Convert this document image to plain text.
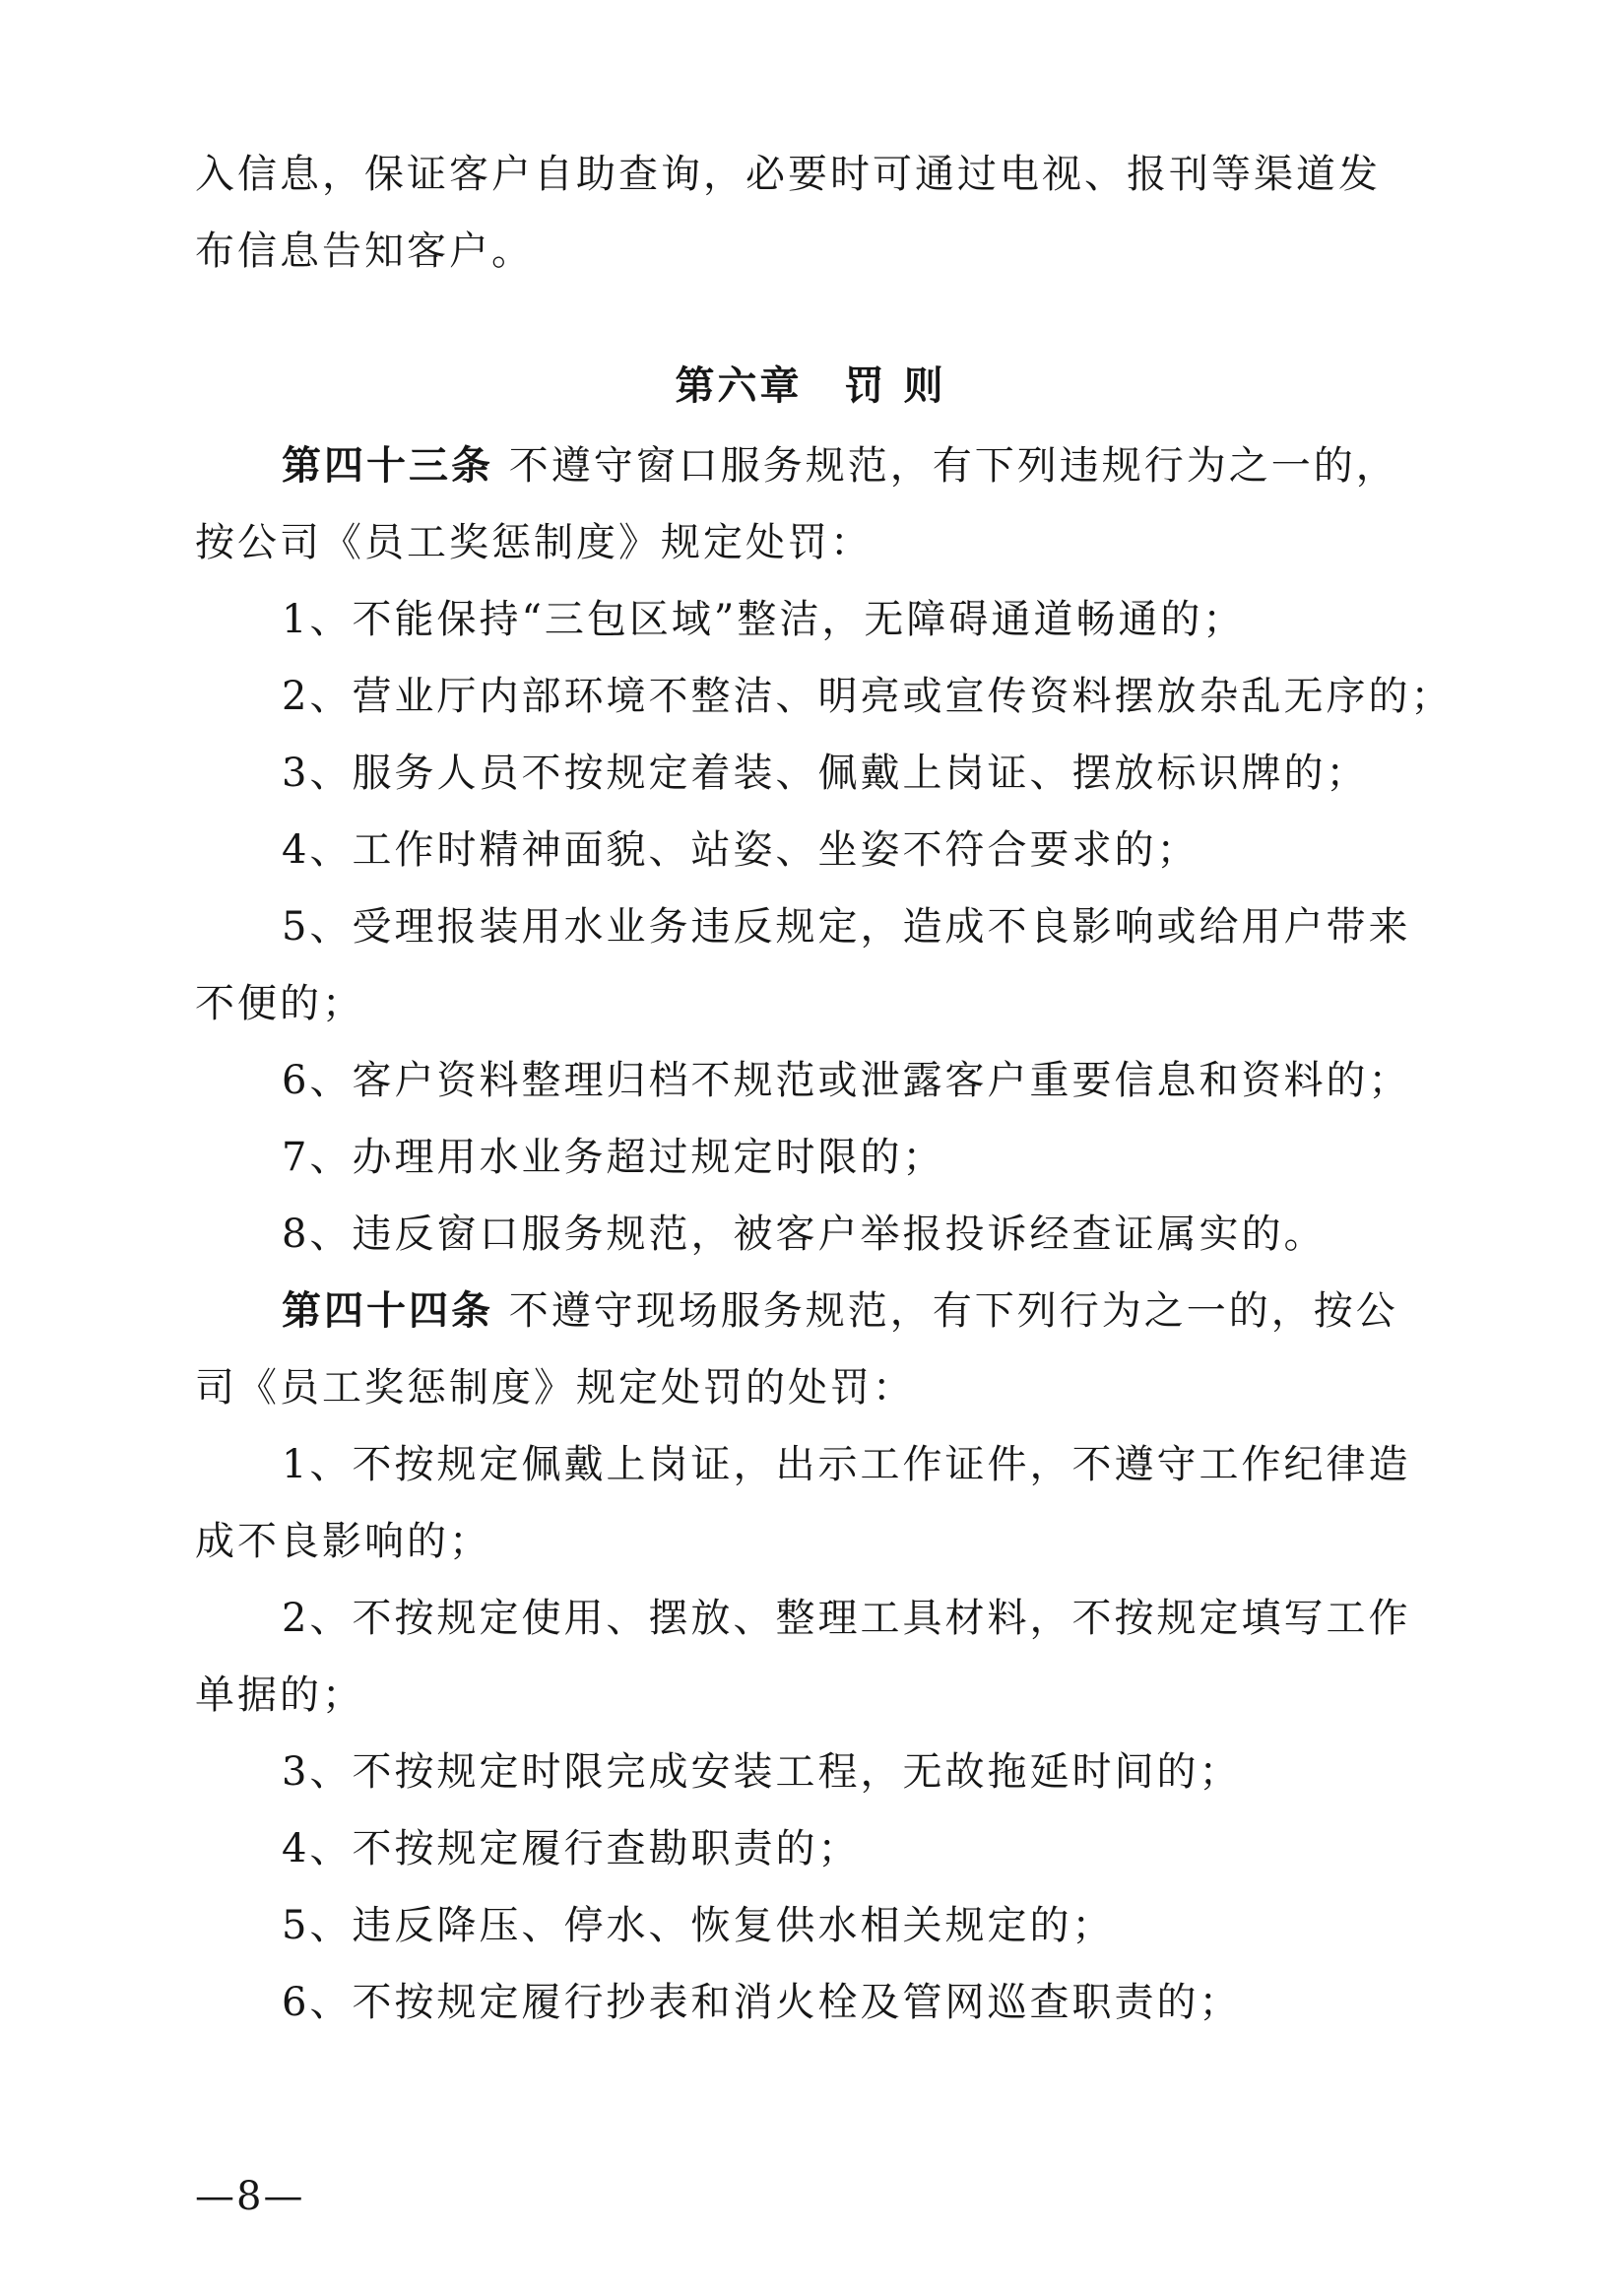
入信息，保证客户自助查询，必要时可通过电视、报刊等渠道发
布信息告知客户。
第六章　罚 则
第四十三条 不遵守窗口服务规范，有下列违规行为之一的，
按公司《员工奖惩制度》规定处罚：
1、不能保持“三包区域”整洁，无障碍通道畅通的；
2、营业厅内部环境不整洁、明亮或宣传资料摆放杂乱无序的；
3、服务人员不按规定着装、佩戴上岗证、摆放标识牌的；
4、工作时精神面貌、站姿、坐姿不符合要求的；
5、受理报装用水业务违反规定，造成不良影响或给用户带来
不便的；
6、客户资料整理归档不规范或泄露客户重要信息和资料的；
7、办理用水业务超过规定时限的；
8、违反窗口服务规范，被客户举报投诉经查证属实的。
第四十四条 不遵守现场服务规范，有下列行为之一的，按公
司《员工奖惩制度》规定处罚的处罚：
1、不按规定佩戴上岗证，出示工作证件，不遵守工作纪律造
成不良影响的；
2、不按规定使用、摆放、整理工具材料，不按规定填写工作
单据的；
3、不按规定时限完成安装工程，无故拖延时间的；
4、不按规定履行查勘职责的；
5、违反降压、停水、恢复供水相关规定的；
6、不按规定履行抄表和消火栓及管网巡查职责的；
—8—
